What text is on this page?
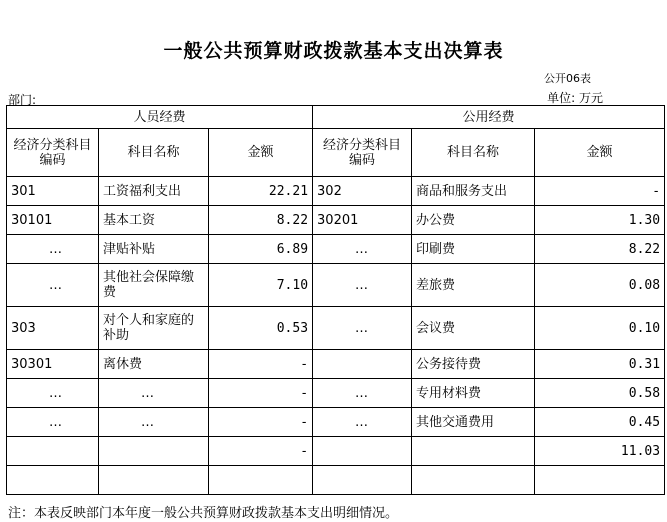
一般公共预算财政拨款基本支出决算表
公开06表
部门:	单位: 万元
人员经费			公用经费		
经济分类科目
编码	科目名称	金额	经济分类科目
编码	科目名称	金额
301	工资福利支出	22.21	302	商品和服务支出	-
30101	基本工资	8.22	30201	办公费	1.30
…	津贴补贴	6.89	…	印刷费	8.22
…	其他社会保障缴费	7.10	…	差旅费	0.08
303	对个人和家庭的补助	0.53	…	会议费	0.10
30301	离休费	-		公务接待费	0.31
…	…	-	…	专用材料费	0.58
…	…	-	…	其他交通费用	0.45
		-			11.03

注：本表反映部门本年度一般公共预算财政拨款基本支出明细情况。
